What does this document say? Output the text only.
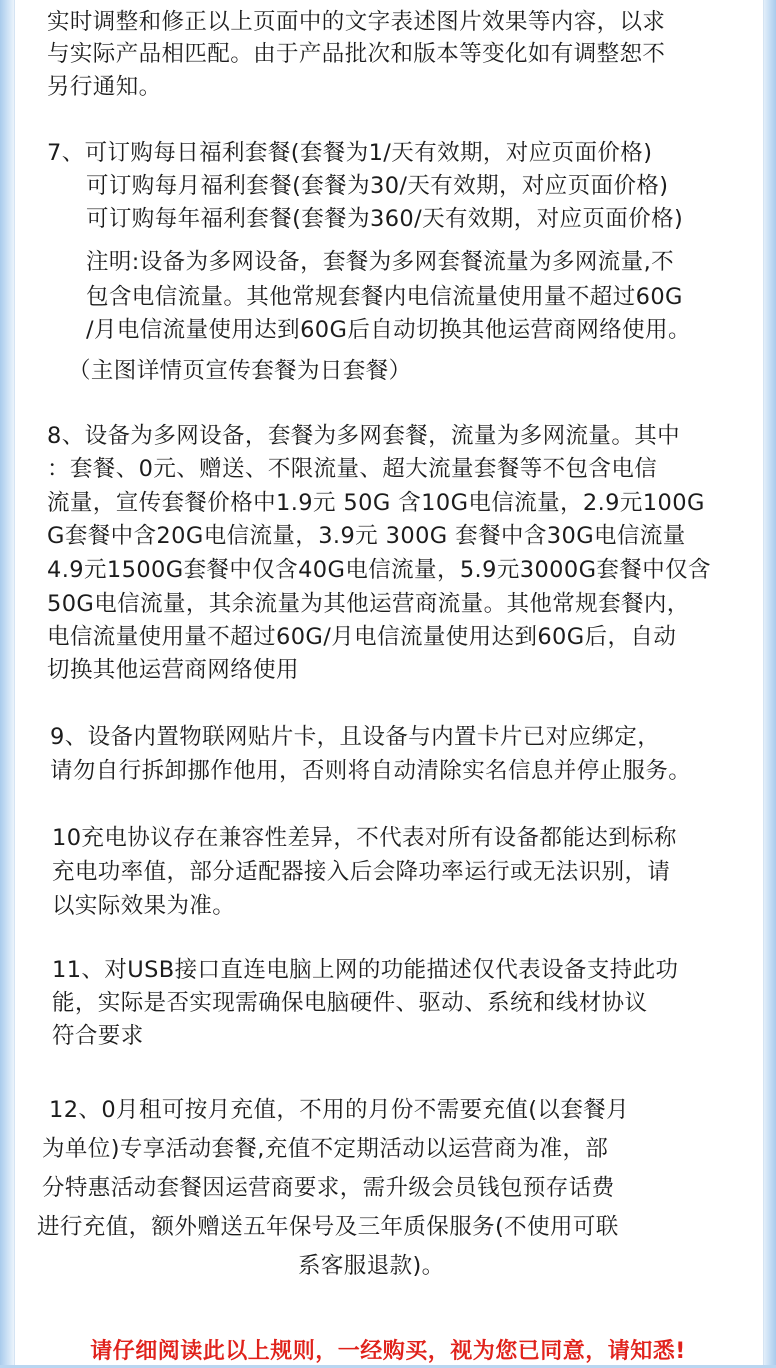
实时调整和修正以上页面中的文字表述图片效果等内容，以求
与实际产品相匹配。由于产品批次和版本等变化如有调整恕不
另行通知。
7、可订购每日福利套餐(套餐为1/天有效期，对应页面价格)
可订购每月福利套餐(套餐为30/天有效期，对应页面价格)
可订购每年福利套餐(套餐为360/天有效期，对应页面价格)
注明:设备为多网设备，套餐为多网套餐流量为多网流量,不
包含电信流量。其他常规套餐内电信流量使用量不超过60G
/月电信流量使用达到60G后自动切换其他运营商网络使用。
（主图详情页宣传套餐为日套餐）
8、设备为多网设备，套餐为多网套餐，流量为多网流量。其中
：套餐、0元、赠送、不限流量、超大流量套餐等不包含电信
流量，宣传套餐价格中1.9元 50G 含10G电信流量，2.9元100G
G套餐中含20G电信流量，3.9元 300G 套餐中含30G电信流量
4.9元1500G套餐中仅含40G电信流量，5.9元3000G套餐中仅含
50G电信流量，其余流量为其他运营商流量。其他常规套餐内，
电信流量使用量不超过60G/月电信流量使用达到60G后，自动
切换其他运营商网络使用
9、设备内置物联网贴片卡，且设备与内置卡片已对应绑定，
请勿自行拆卸挪作他用，否则将自动清除实名信息并停止服务。
10充电协议存在兼容性差异，不代表对所有设备都能达到标称
充电功率值，部分适配器接入后会降功率运行或无法识别，请
以实际效果为准。
11、对USB接口直连电脑上网的功能描述仅代表设备支持此功
能，实际是否实现需确保电脑硬件、驱动、系统和线材协议
符合要求
12、0月租可按月充值，不用的月份不需要充值(以套餐月
为单位)专享活动套餐,充值不定期活动以运营商为准，部
分特惠活动套餐因运营商要求，需升级会员钱包预存话费
进行充值，额外赠送五年保号及三年质保服务(不使用可联
系客服退款)。
请仔细阅读此以上规则，一经购买，视为您已同意，请知悉!
